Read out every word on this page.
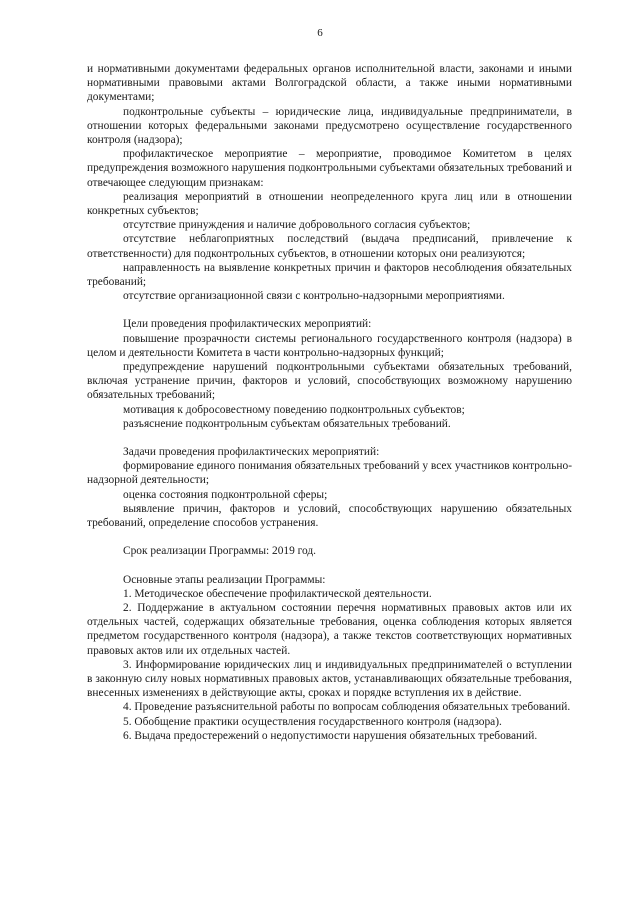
6

и нормативными документами федеральных органов исполнительной власти, законами и иными нормативными правовыми актами Волгоградской области, а также иными нормативными документами;

подконтрольные субъекты – юридические лица, индивидуальные предприниматели, в отношении которых федеральными законами предусмотрено осуществление государственного контроля (надзора);

профилактическое мероприятие – мероприятие, проводимое Комитетом в целях предупреждения возможного нарушения подконтрольными субъектами обязательных требований и отвечающее следующим признакам:

реализация мероприятий в отношении неопределенного круга лиц или в отношении конкретных субъектов;

отсутствие принуждения и наличие добровольного согласия субъектов;

отсутствие неблагоприятных последствий (выдача предписаний, привлечение к ответственности) для подконтрольных субъектов, в отношении которых они реализуются;

направленность на выявление конкретных причин и факторов несоблюдения обязательных требований;

отсутствие организационной связи с контрольно-надзорными мероприятиями.

Цели проведения профилактических мероприятий:

повышение прозрачности системы регионального государственного контроля (надзора) в целом и деятельности Комитета в части контрольно-надзорных функций;

предупреждение нарушений подконтрольными субъектами обязательных требований, включая устранение причин, факторов и условий, способствующих возможному нарушению обязательных требований;

мотивация к добросовестному поведению подконтрольных субъектов;

разъяснение подконтрольным субъектам обязательных требований.

Задачи проведения профилактических мероприятий:

формирование единого понимания обязательных требований у всех участников контрольно-надзорной деятельности;

оценка состояния подконтрольной сферы;

выявление причин, факторов и условий, способствующих нарушению обязательных требований, определение способов устранения.

Срок реализации Программы: 2019 год.

Основные этапы реализации Программы:

1. Методическое обеспечение профилактической деятельности.

2. Поддержание в актуальном состоянии перечня нормативных правовых актов или их отдельных частей, содержащих обязательные требования, оценка соблюдения которых является предметом государственного контроля (надзора), а также текстов соответствующих нормативных правовых актов или их отдельных частей.

3. Информирование юридических лиц и индивидуальных предпринимателей о вступлении в законную силу новых нормативных правовых актов, устанавливающих обязательные требования, внесенных изменениях в действующие акты, сроках и порядке вступления их в действие.

4. Проведение разъяснительной работы по вопросам соблюдения обязательных требований.

5. Обобщение практики осуществления государственного контроля (надзора).

6. Выдача предостережений о недопустимости нарушения обязательных требований.
